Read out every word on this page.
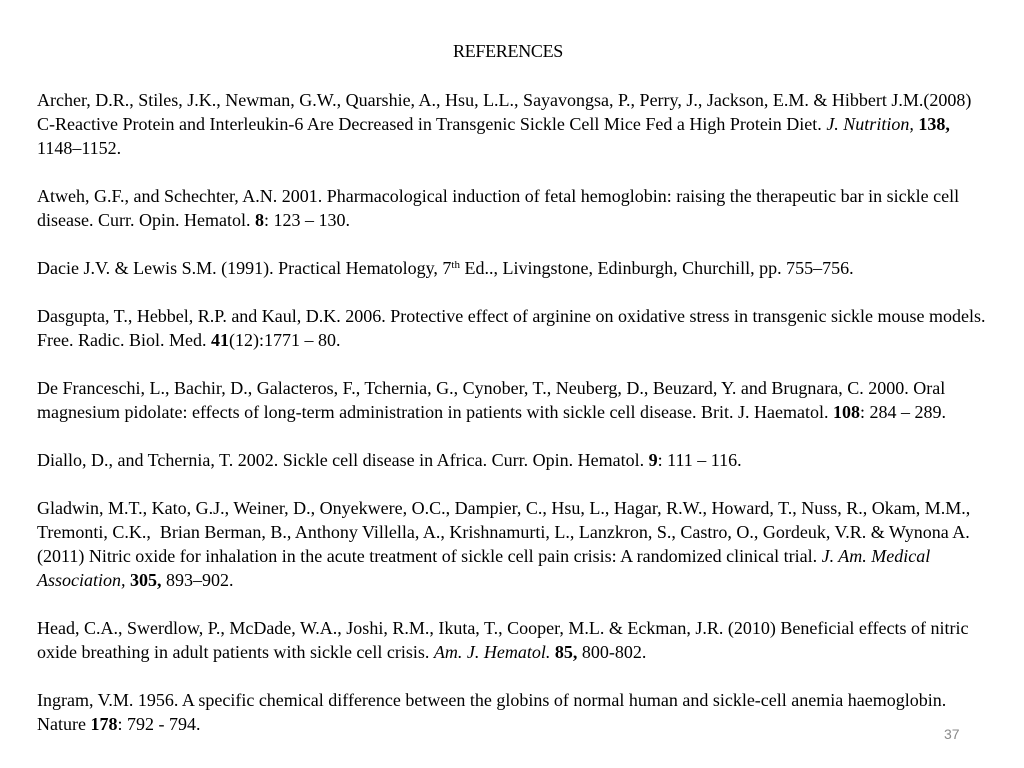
REFERENCES
Archer, D.R., Stiles, J.K., Newman, G.W., Quarshie, A., Hsu, L.L., Sayavongsa, P., Perry, J., Jackson, E.M. & Hibbert J.M.(2008)  C-Reactive Protein and Interleukin-6 Are Decreased in Transgenic Sickle Cell Mice Fed a High Protein Diet. J. Nutrition, 138, 1148–1152.
Atweh, G.F., and Schechter, A.N. 2001. Pharmacological induction of fetal hemoglobin: raising the therapeutic bar in sickle cell disease. Curr. Opin. Hematol. 8: 123 – 130.
Dacie J.V. & Lewis S.M. (1991). Practical Hematology, 7th Ed.., Livingstone, Edinburgh, Churchill, pp. 755–756.
Dasgupta, T., Hebbel, R.P. and Kaul, D.K. 2006. Protective effect of arginine on oxidative stress in transgenic sickle mouse models. Free. Radic. Biol. Med. 41(12):1771 – 80.
De Franceschi, L., Bachir, D., Galacteros, F., Tchernia, G., Cynober, T., Neuberg, D., Beuzard, Y. and Brugnara, C. 2000. Oral magnesium pidolate: effects of long-term administration in patients with sickle cell disease. Brit. J. Haematol. 108: 284 – 289.
Diallo, D., and Tchernia, T. 2002. Sickle cell disease in Africa. Curr. Opin. Hematol. 9: 111 – 116.
Gladwin, M.T., Kato, G.J., Weiner, D., Onyekwere, O.C., Dampier, C., Hsu, L., Hagar, R.W., Howard, T., Nuss, R., Okam, M.M., Tremonti, C.K.,  Brian Berman, B., Anthony Villella, A., Krishnamurti, L., Lanzkron, S., Castro, O., Gordeuk, V.R. & Wynona A. (2011) Nitric oxide for inhalation in the acute treatment of sickle cell pain crisis: A randomized clinical trial. J. Am. Medical Association, 305, 893–902.
Head, C.A., Swerdlow, P., McDade, W.A., Joshi, R.M., Ikuta, T., Cooper, M.L. & Eckman, J.R. (2010) Beneficial effects of nitric oxide breathing in adult patients with sickle cell crisis. Am. J. Hematol. 85, 800-802.
Ingram, V.M. 1956. A specific chemical difference between the globins of normal human and sickle-cell anemia haemoglobin. Nature 178: 792 - 794.	37
